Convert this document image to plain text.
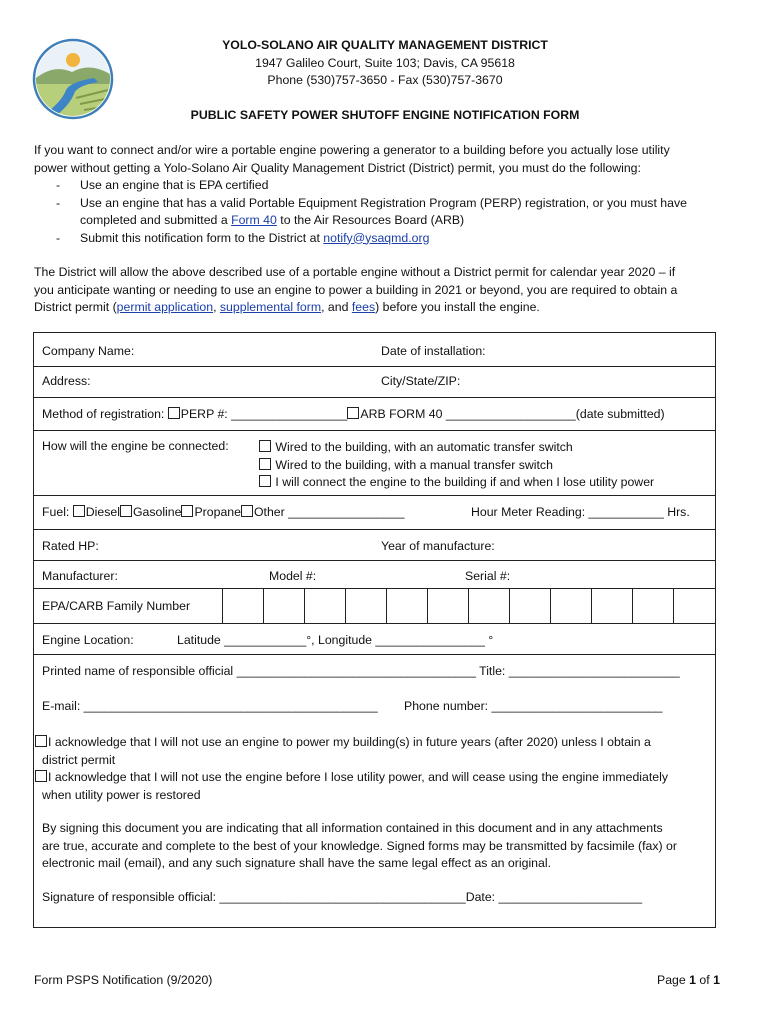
YOLO-SOLANO AIR QUALITY MANAGEMENT DISTRICT
1947 Galileo Court, Suite 103; Davis, CA 95618
Phone (530)757-3650 - Fax (530)757-3670
PUBLIC SAFETY POWER SHUTOFF ENGINE NOTIFICATION FORM
If you want to connect and/or wire a portable engine powering a generator to a building before you actually lose utility
power without getting a Yolo-Solano Air Quality Management District (District) permit, you must do the following:
- Use an engine that is EPA certified
- Use an engine that has a valid Portable Equipment Registration Program (PERP) registration, or you must have
completed and submitted a Form 40 to the Air Resources Board (ARB)
- Submit this notification form to the District at notify@ysaqmd.org
The District will allow the above described use of a portable engine without a District permit for calendar year 2020 – if
you anticipate wanting or needing to use an engine to power a building in 2021 or beyond, you are required to obtain a
District permit (permit application, supplemental form, and fees) before you install the engine.
Company Name:	Date of installation:
Address:	City/State/ZIP:
Method of registration: PERP #: _________________ ARB FORM 40 ___________________(date submitted)
How will the engine be connected:	Wired to the building, with an automatic transfer switch
Wired to the building, with a manual transfer switch
I will connect the engine to the building if and when I lose utility power
Fuel: Diesel Gasoline Propane Other _________________	Hour Meter Reading: ___________ Hrs.
Rated HP:	Year of manufacture:
Manufacturer:	Model #:	Serial #:
EPA/CARB Family Number
Engine Location:	Latitude ____________°, Longitude ________________ °
Printed name of responsible official ___________________________________ Title: _________________________
E-mail: ___________________________________________ Phone number: _________________________
I acknowledge that I will not use an engine to power my building(s) in future years (after 2020) unless I obtain a
district permit
I acknowledge that I will not use the engine before I lose utility power, and will cease using the engine immediately
when utility power is restored
By signing this document you are indicating that all information contained in this document and in any attachments
are true, accurate and complete to the best of your knowledge. Signed forms may be transmitted by facsimile (fax) or
electronic mail (email), and any such signature shall have the same legal effect as an original.
Signature of responsible official: ____________________________________Date: _____________________
Form PSPS Notification (9/2020)	Page 1 of 1
